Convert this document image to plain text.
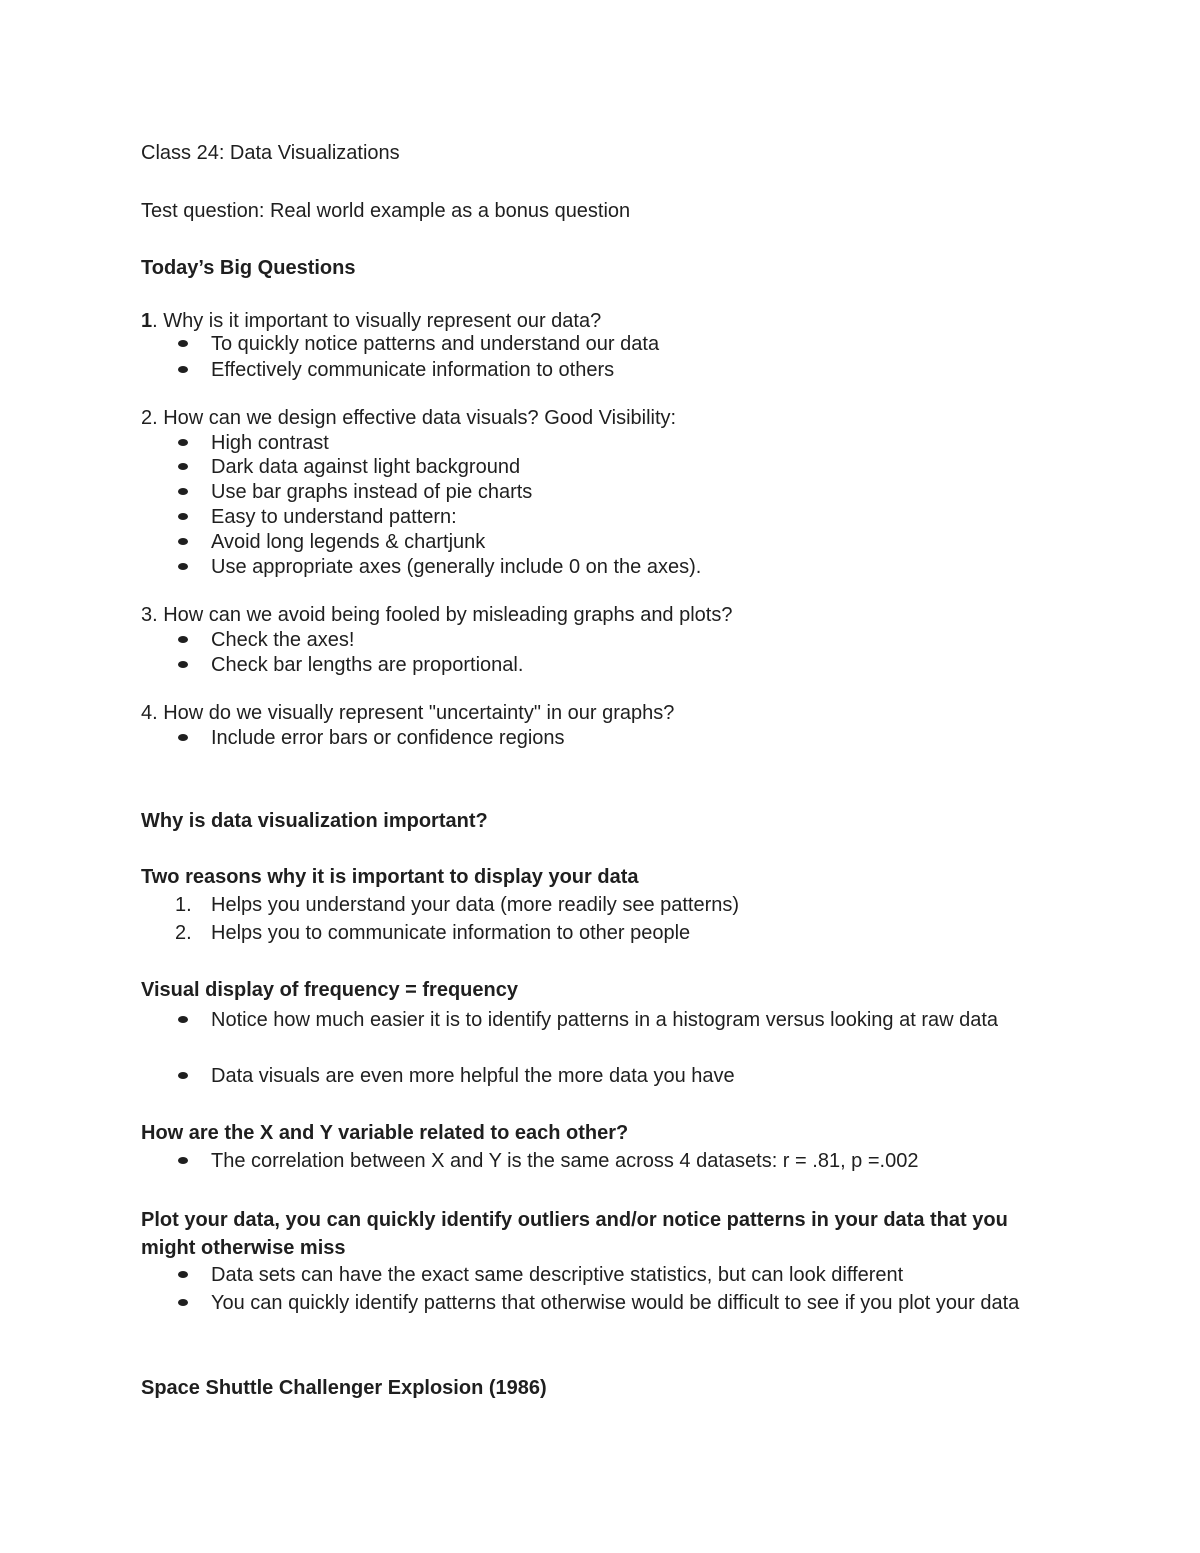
Class 24: Data Visualizations
Test question: Real world example as a bonus question
Today’s Big Questions
1. Why is it important to visually represent our data?
To quickly notice patterns and understand our data
Effectively communicate information to others
2. How can we design effective data visuals? Good Visibility:
High contrast
Dark data against light background
Use bar graphs instead of pie charts
Easy to understand pattern:
Avoid long legends & chartjunk
Use appropriate axes (generally include 0 on the axes).
3. How can we avoid being fooled by misleading graphs and plots?
Check the axes!
Check bar lengths are proportional.
4. How do we visually represent "uncertainty" in our graphs?
Include error bars or confidence regions
Why is data visualization important?
Two reasons why it is important to display your data
1. Helps you understand your data (more readily see patterns)
2. Helps you to communicate information to other people
Visual display of frequency = frequency
Notice how much easier it is to identify patterns in a histogram versus looking at raw data
Data visuals are even more helpful the more data you have
How are the X and Y variable related to each other?
The correlation between X and Y is the same across 4 datasets: r = .81, p =.002
Plot your data, you can quickly identify outliers and/or notice patterns in your data that you might otherwise miss
Data sets can have the exact same descriptive statistics, but can look different
You can quickly identify patterns that otherwise would be difficult to see if you plot your data
Space Shuttle Challenger Explosion (1986)
